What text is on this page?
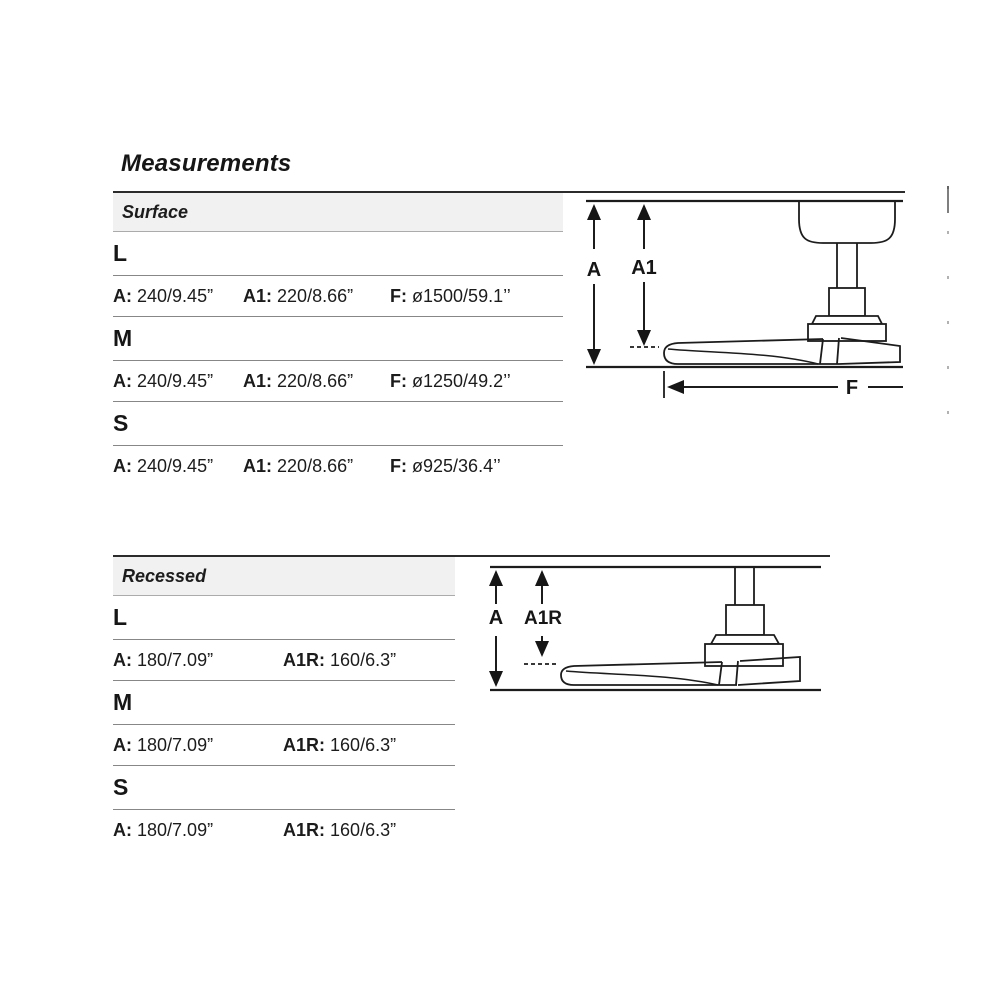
Measurements
Surface
L
A: 240/9.45”	A1: 220/8.66”	F: ø1500/59.1’’
M
A: 240/9.45”	A1: 220/8.66”	F: ø1250/49.2’’
S
A: 240/9.45”	A1: 220/8.66”	F: ø925/36.4’’
A A1
F
Recessed
L
A: 180/7.09”	A1R: 160/6.3”
M
A: 180/7.09”	A1R: 160/6.3”
S
A: 180/7.09”	A1R: 160/6.3”
A A1R
